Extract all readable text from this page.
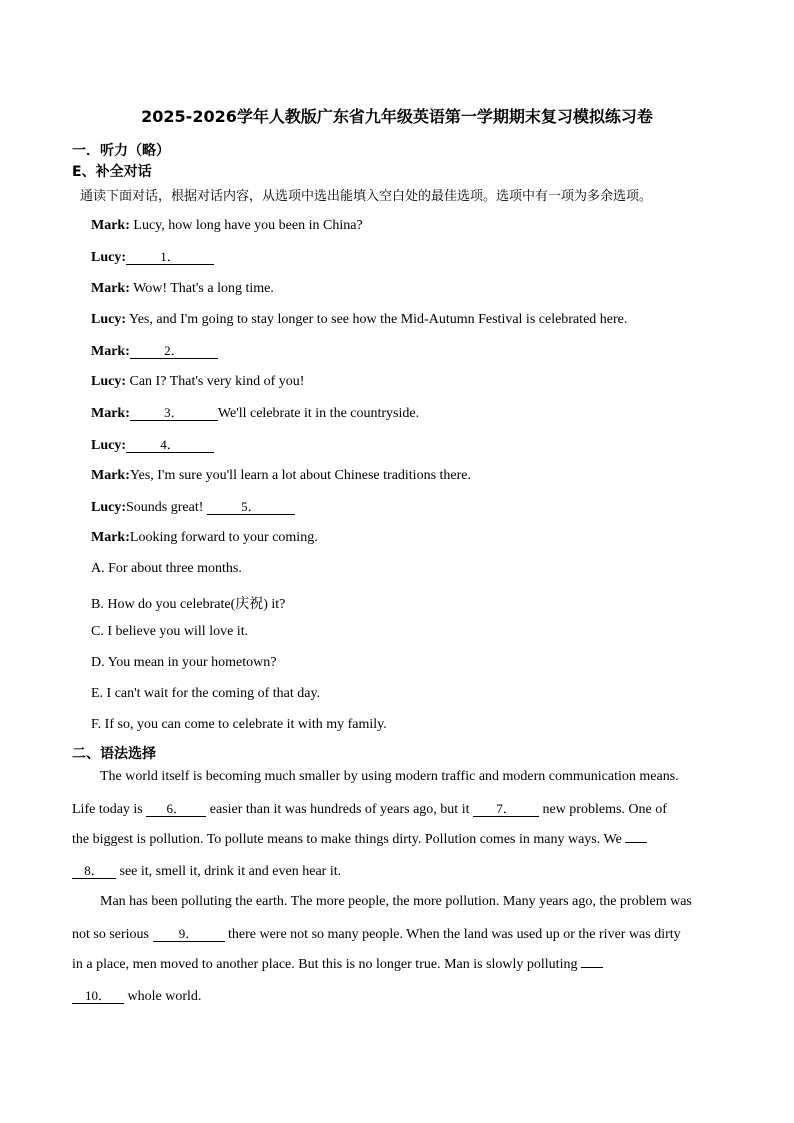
2025-2026学年人教版广东省九年级英语第一学期期末复习模拟练习卷
一．听力（略）
E、补全对话
通读下面对话，根据对话内容，从选项中选出能填入空白处的最佳选项。选项中有一项为多余选项。
Mark: Lucy, how long have you been in China?
Lucy:	1．
Mark: Wow! That's a long time.
Lucy: Yes, and I'm going to stay longer to see how the Mid-Autumn Festival is celebrated here.
Mark:	2．
Lucy: Can I? That's very kind of you!
Mark:	3． We'll celebrate it in the countryside.
Lucy:	4．
Mark:Yes, I'm sure you'll learn a lot about Chinese traditions there.
Lucy:Sounds great!	5．
Mark:Looking forward to your coming.
A. For about three months.
B. How do you celebrate(庆祝) it?
C. I believe you will love it.
D. You mean in your hometown?
E. I can't wait for the coming of that day.
F. If so, you can come to celebrate it with my family.
二、语法选择
The world itself is becoming much smaller by using modern traffic and modern communication means.
Life today is 6． easier than it was hundreds of years ago, but it 7． new problems. One of
the biggest is pollution. To pollute means to make things dirty. Pollution comes in many ways. We
8． see it, smell it, drink it and even hear it.
Man has been polluting the earth. The more people, the more pollution. Many years ago, the problem was
not so serious 9． there were not so many people. When the land was used up or the river was dirty
in a place, men moved to another place. But this is no longer true. Man is slowly polluting
10． whole world.
